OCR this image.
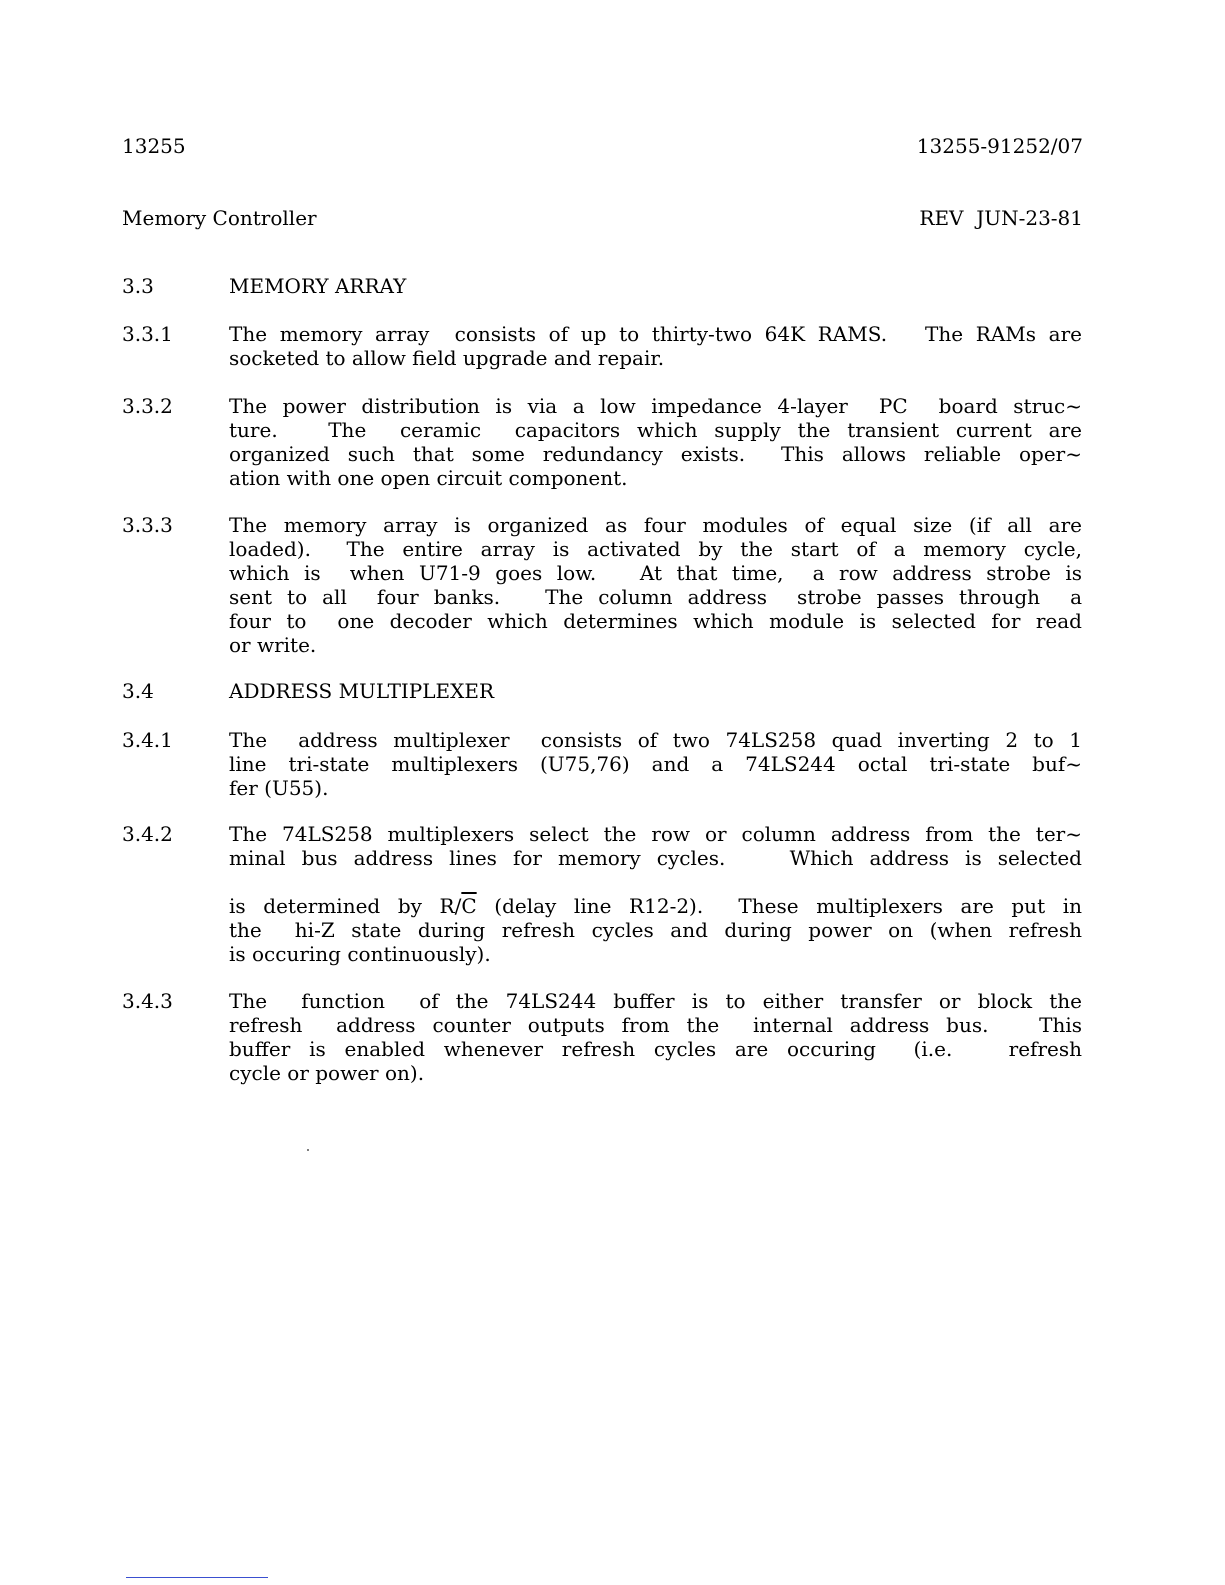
13255

Memory Controller

13255-91252/07

REV  JUN-23-81

3.3	MEMORY ARRAY
3.3.1	The memory array  consists of up to thirty-two 64K RAMS.   The RAMs are
socketed to allow field upgrade and repair.
3.3.2	The power distribution is via a low impedance 4-layer  PC  board struc~
ture.   The  ceramic  capacitors which supply the transient current are
organized such that some redundancy exists.  This allows reliable oper~
ation with one open circuit component.
3.3.3	The memory array is organized as four modules of equal size (if all are
loaded).  The entire array is activated by the start of a memory cycle,
which is  when U71-9 goes low.   At that time,  a row address strobe is
sent to all  four banks.   The column address  strobe passes through  a
four to  one decoder which determines which module is selected for read
or write.
3.4	ADDRESS MULTIPLEXER
3.4.1	The  address multiplexer  consists of two 74LS258 quad inverting 2 to 1
line tri-state multiplexers (U75,76) and a 74LS244 octal tri-state buf~
fer (U55).
3.4.2	The 74LS258 multiplexers select the row or column address from the ter~
minal bus address lines for memory cycles.    Which address is selected
is determined by $R/\overline{C}$ (delay line R12-2).  These multiplexers are put in
the  hi-Z state during refresh cycles and during power on (when refresh
is occuring continuously).
3.4.3	The  function  of the 74LS244 buffer is to either transfer or block the
refresh  address counter outputs from the  internal address bus.   This
buffer is enabled whenever refresh cycles are occuring  (i.e.   refresh
cycle or power on).
